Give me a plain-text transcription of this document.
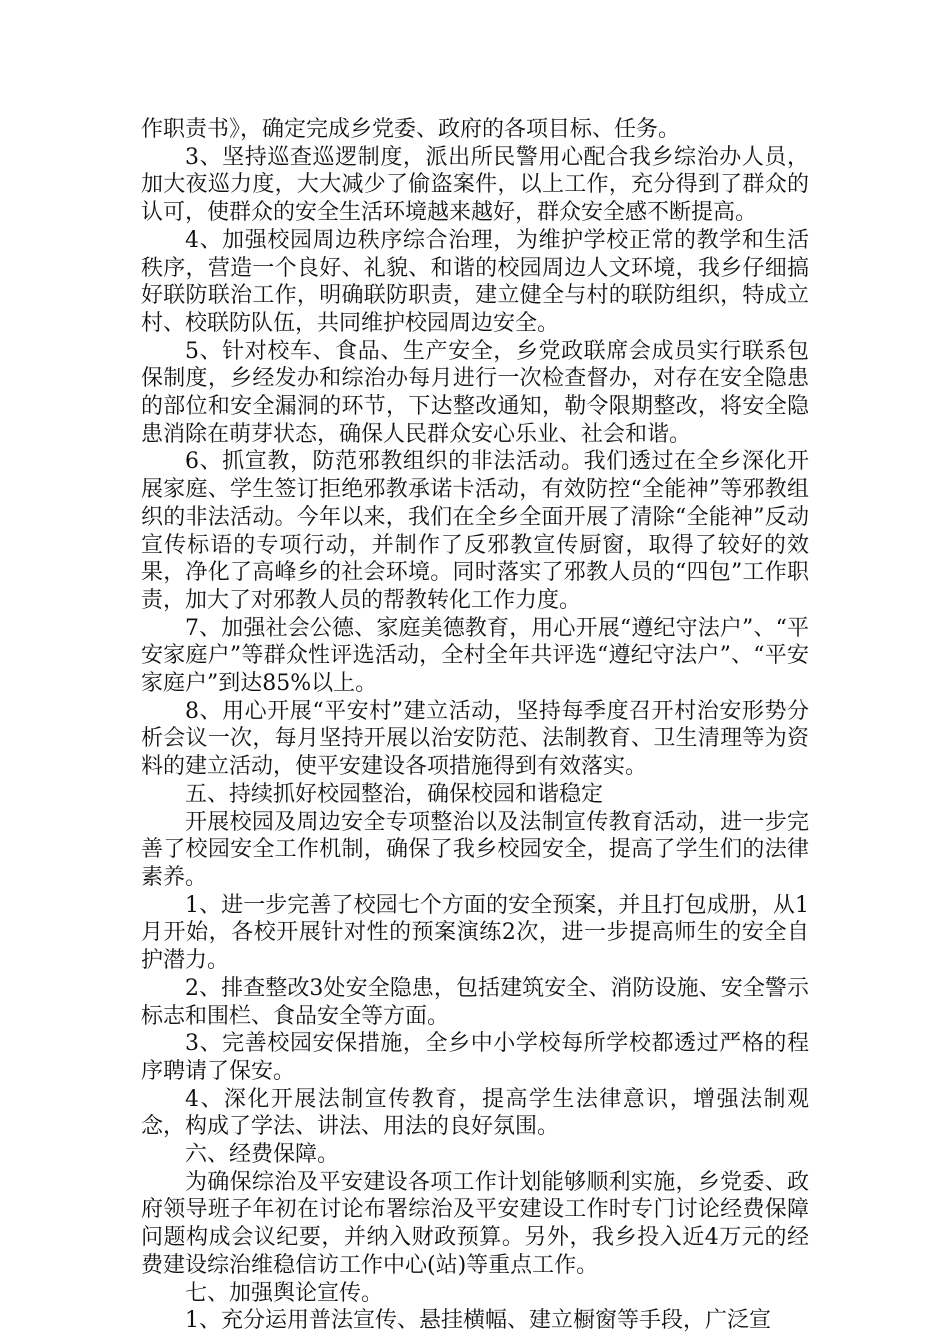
作职责书》，确定完成乡党委、政府的各项目标、任务。

3、坚持巡查巡逻制度，派出所民警用心配合我乡综治办人员，加大夜巡力度，大大减少了偷盗案件，以上工作，充分得到了群众的认可，使群众的安全生活环境越来越好，群众安全感不断提高。

4、加强校园周边秩序综合治理，为维护学校正常的教学和生活秩序，营造一个良好、礼貌、和谐的校园周边人文环境，我乡仔细搞好联防联治工作，明确联防职责，建立健全与村的联防组织，特成立村、校联防队伍，共同维护校园周边安全。

5、针对校车、食品、生产安全，乡党政联席会成员实行联系包保制度，乡经发办和综治办每月进行一次检查督办，对存在安全隐患的部位和安全漏洞的环节，下达整改通知，勒令限期整改，将安全隐患消除在萌芽状态，确保人民群众安心乐业、社会和谐。

6、抓宣教，防范邪教组织的非法活动。我们透过在全乡深化开展家庭、学生签订拒绝邪教承诺卡活动，有效防控“全能神”等邪教组织的非法活动。今年以来，我们在全乡全面开展了清除“全能神”反动宣传标语的专项行动，并制作了反邪教宣传厨窗，取得了较好的效果，净化了高峰乡的社会环境。同时落实了邪教人员的“四包”工作职责，加大了对邪教人员的帮教转化工作力度。

7、加强社会公德、家庭美德教育，用心开展“遵纪守法户”、“平安家庭户”等群众性评选活动，全村全年共评选“遵纪守法户”、“平安家庭户”到达85%以上。

8、用心开展“平安村”建立活动，坚持每季度召开村治安形势分析会议一次，每月坚持开展以治安防范、法制教育、卫生清理等为资料的建立活动，使平安建设各项措施得到有效落实。

五、持续抓好校园整治，确保校园和谐稳定

开展校园及周边安全专项整治以及法制宣传教育活动，进一步完善了校园安全工作机制，确保了我乡校园安全，提高了学生们的法律素养。

1、进一步完善了校园七个方面的安全预案，并且打包成册，从1月开始，各校开展针对性的预案演练2次，进一步提高师生的安全自护潜力。

2、排查整改3处安全隐患，包括建筑安全、消防设施、安全警示标志和围栏、食品安全等方面。

3、完善校园安保措施，全乡中小学校每所学校都透过严格的程序聘请了保安。

4、深化开展法制宣传教育，提高学生法律意识，增强法制观念，构成了学法、讲法、用法的良好氛围。

六、经费保障。

为确保综治及平安建设各项工作计划能够顺利实施，乡党委、政府领导班子年初在讨论布署综治及平安建设工作时专门讨论经费保障问题构成会议纪要，并纳入财政预算。另外，我乡投入近4万元的经费建设综治维稳信访工作中心(站)等重点工作。

七、加强舆论宣传。

1、充分运用普法宣传、悬挂横幅、建立橱窗等手段，广泛宣
